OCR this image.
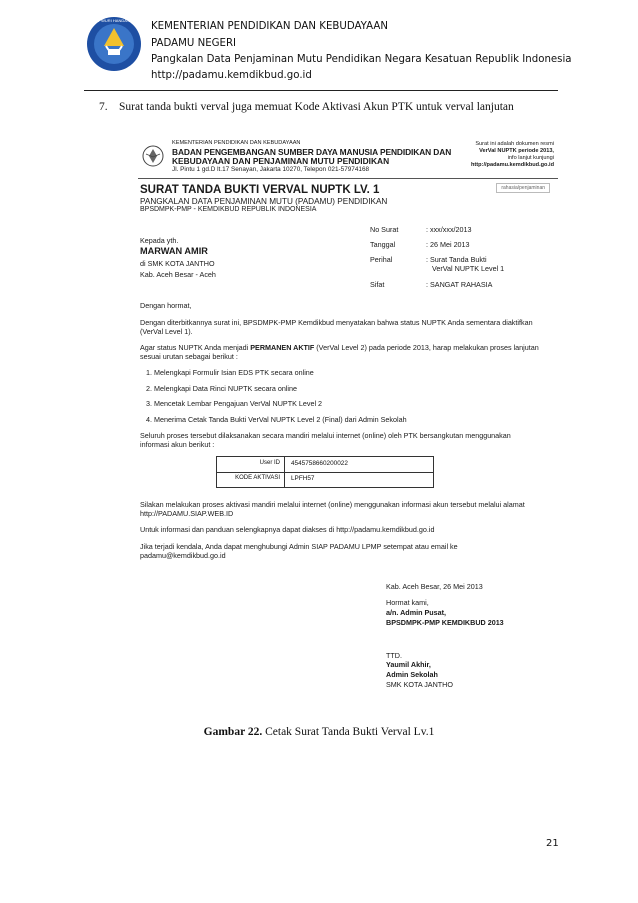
TUT WURI HANDAYANI
KEMENTERIAN PENDIDIKAN DAN KEBUDAYAAN
PADAMU NEGERI
Pangkalan Data Penjaminan Mutu Pendidikan Negara Kesatuan Republik Indonesia
http://padamu.kemdikbud.go.id
7. Surat tanda bukti verval juga memuat Kode Aktivasi Akun PTK untuk verval lanjutan
KEMENTERIAN PENDIDIKAN DAN KEBUDAYAAN
BADAN PENGEMBANGAN SUMBER DAYA MANUSIA PENDIDIKAN DAN
KEBUDAYAAN DAN PENJAMINAN MUTU PENDIDIKAN
Jl. Pintu 1 gd.D lt.17 Senayan, Jakarta 10270, Telepon 021-57974168
Surat ini adalah dokumen resmi
VerVal NUPTK periode 2013,
info lanjut kunjungi
http://padamu.kemdikbud.go.id
rahasia/penjaminan
SURAT TANDA BUKTI VERVAL NUPTK LV. 1
PANGKALAN DATA PENJAMINAN MUTU (PADAMU) PENDIDIKAN
BPSDMPK-PMP - KEMDIKBUD REPUBLIK INDONESIA
Kepada yth.
MARWAN AMIR
di SMK KOTA JANTHO
Kab. Aceh Besar - Aceh
No Surat	: xxx/xxx/2013
Tanggal	: 26 Mei 2013
Perihal	: Surat Tanda Bukti
VerVal NUPTK Level 1
Sifat	: SANGAT RAHASIA
Dengan hormat,
Dengan diterbitkannya surat ini, BPSDMPK-PMP Kemdikbud menyatakan bahwa status NUPTK Anda sementara diaktifkan
(VerVal Level 1).
Agar status NUPTK Anda menjadi PERMANEN AKTIF (VerVal Level 2) pada periode 2013, harap melakukan proses lanjutan
sesuai urutan sebagai berikut :
1. Melengkapi Formulir Isian EDS PTK secara online
2. Melengkapi Data Rinci NUPTK secara online
3. Mencetak Lembar Pengajuan VerVal NUPTK Level 2
4. Menerima Cetak Tanda Bukti VerVal NUPTK Level 2 (Final) dari Admin Sekolah
Seluruh proses tersebut dilaksanakan secara mandiri melalui internet (online) oleh PTK bersangkutan menggunakan
informasi akun berikut :
User ID	4545758660200022
KODE AKTIVASI	LPFH57
Silakan melakukan proses aktivasi mandiri melalui internet (online) menggunakan informasi akun tersebut melalui alamat
http://PADAMU.SIAP.WEB.ID
Untuk informasi dan panduan selengkapnya dapat diakses di http://padamu.kemdikbud.go.id
Jika terjadi kendala, Anda dapat menghubungi Admin SIAP PADAMU LPMP setempat atau email ke
padamu@kemdikbud.go.id
Kab. Aceh Besar, 26 Mei 2013
Hormat kami,
a/n. Admin Pusat,
BPSDMPK-PMP KEMDIKBUD 2013
TTD.
Yaumil Akhir,
Admin Sekolah
SMK KOTA JANTHO
Gambar 22. Cetak Surat Tanda Bukti Verval Lv.1
21
